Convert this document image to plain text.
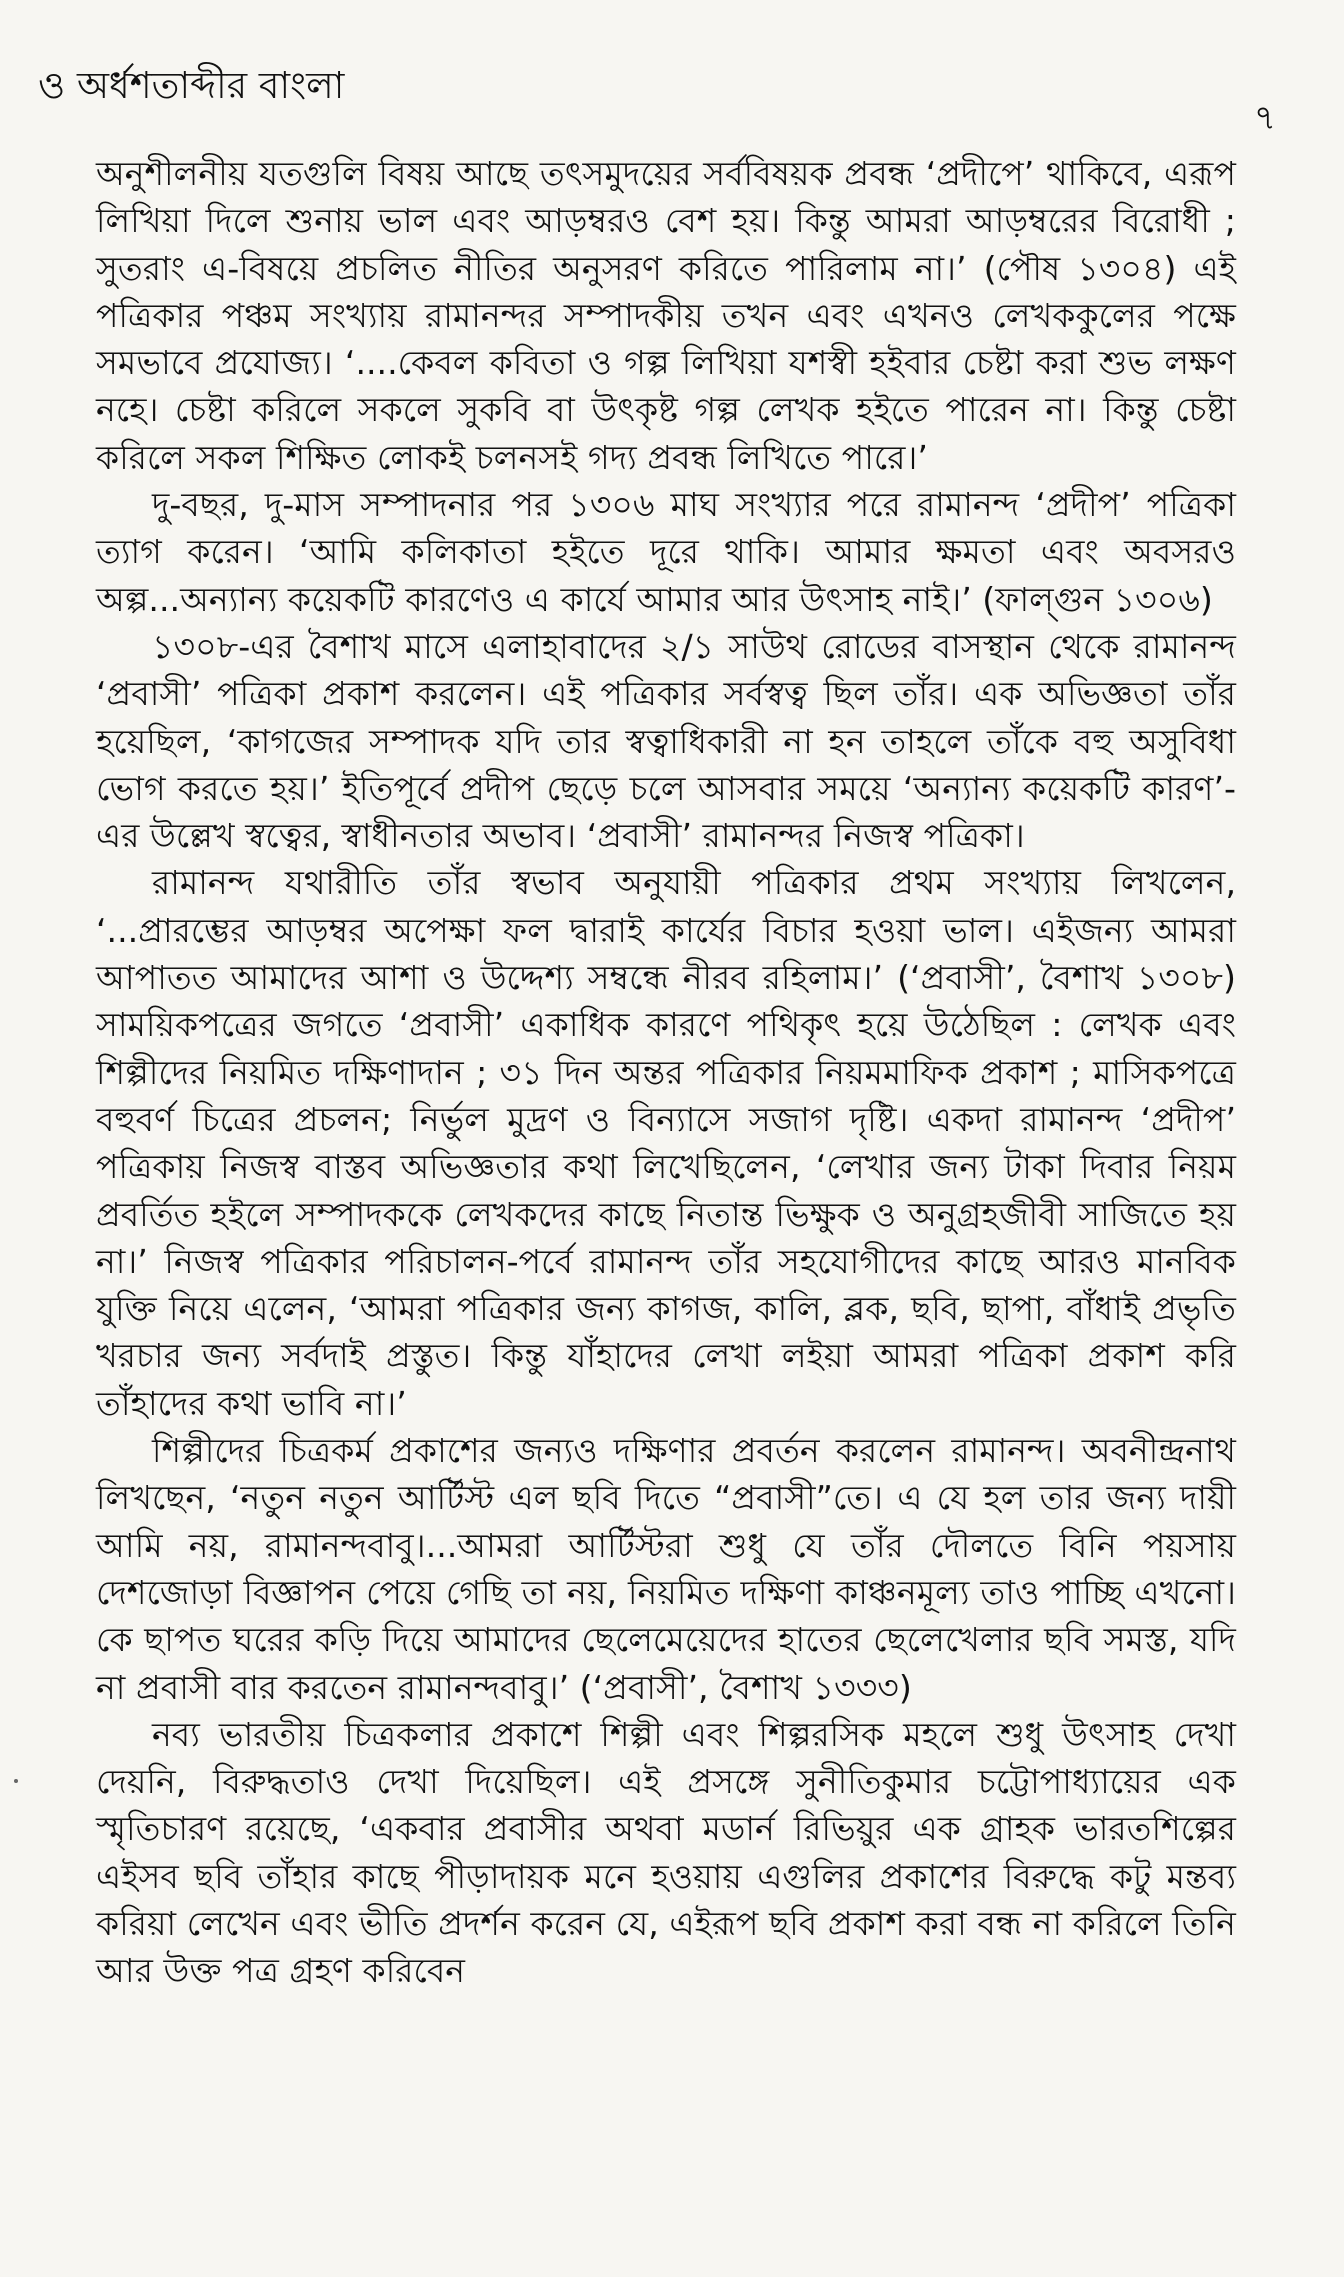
ও অর্ধশতাব্দীর বাংলা
৭

অনুশীলনীয় যতগুলি বিষয় আছে তৎসমুদয়ের সর্ববিষয়ক প্রবন্ধ ‘প্রদীপে’ থাকিবে, এরূপ লিখিয়া দিলে শুনায় ভাল এবং আড়ম্বরও বেশ হয়। কিন্তু আমরা আড়ম্বরের বিরোধী ; সুতরাং এ-বিষয়ে প্রচলিত নীতির অনুসরণ করিতে পারিলাম না।’ (পৌষ ১৩০৪) এই পত্রিকার পঞ্চম সংখ্যায় রামানন্দর সম্পাদকীয় তখন এবং এখনও লেখককুলের পক্ষে সমভাবে প্রযোজ্য। ‘....কেবল কবিতা ও গল্প লিখিয়া যশস্বী হইবার চেষ্টা করা শুভ লক্ষণ নহে। চেষ্টা করিলে সকলে সুকবি বা উৎকৃষ্ট গল্প লেখক হইতে পারেন না। কিন্তু চেষ্টা করিলে সকল শিক্ষিত লোকই চলনসই গদ্য প্রবন্ধ লিখিতে পারে।’

দু-বছর, দু-মাস সম্পাদনার পর ১৩০৬ মাঘ সংখ্যার পরে রামানন্দ ‘প্রদীপ’ পত্রিকা ত্যাগ করেন। ‘আমি কলিকাতা হইতে দূরে থাকি। আমার ক্ষমতা এবং অবসরও অল্প...অন্যান্য কয়েকটি কারণেও এ কার্যে আমার আর উৎসাহ নাই।’ (ফাল্গুন ১৩০৬)

১৩০৮-এর বৈশাখ মাসে এলাহাবাদের ২/১ সাউথ রোডের বাসস্থান থেকে রামানন্দ ‘প্রবাসী’ পত্রিকা প্রকাশ করলেন। এই পত্রিকার সর্বস্বত্ব ছিল তাঁর। এক অভিজ্ঞতা তাঁর হয়েছিল, ‘কাগজের সম্পাদক যদি তার স্বত্বাধিকারী না হন তাহলে তাঁকে বহু অসুবিধা ভোগ করতে হয়।’ ইতিপূর্বে প্রদীপ ছেড়ে চলে আসবার সময়ে ‘অন্যান্য কয়েকটি কারণ’-এর উল্লেখ স্বত্বের, স্বাধীনতার অভাব। ‘প্রবাসী’ রামানন্দর নিজস্ব পত্রিকা।

রামানন্দ যথারীতি তাঁর স্বভাব অনুযায়ী পত্রিকার প্রথম সংখ্যায় লিখলেন, ‘...প্রারম্ভের আড়ম্বর অপেক্ষা ফল দ্বারাই কার্যের বিচার হওয়া ভাল। এইজন্য আমরা আপাতত আমাদের আশা ও উদ্দেশ্য সম্বন্ধে নীরব রহিলাম।’ (‘প্রবাসী’, বৈশাখ ১৩০৮) সাময়িকপত্রের জগতে ‘প্রবাসী’ একাধিক কারণে পথিকৃৎ হয়ে উঠেছিল : লেখক এবং শিল্পীদের নিয়মিত দক্ষিণাদান ; ৩১ দিন অন্তর পত্রিকার নিয়মমাফিক প্রকাশ ; মাসিকপত্রে বহুবর্ণ চিত্রের প্রচলন; নির্ভুল মুদ্রণ ও বিন্যাসে সজাগ দৃষ্টি। একদা রামানন্দ ‘প্রদীপ’ পত্রিকায় নিজস্ব বাস্তব অভিজ্ঞতার কথা লিখেছিলেন, ‘লেখার জন্য টাকা দিবার নিয়ম প্রবর্তিত হইলে সম্পাদককে লেখকদের কাছে নিতান্ত ভিক্ষুক ও অনুগ্রহজীবী সাজিতে হয় না।’ নিজস্ব পত্রিকার পরিচালন-পর্বে রামানন্দ তাঁর সহযোগীদের কাছে আরও মানবিক যুক্তি নিয়ে এলেন, ‘আমরা পত্রিকার জন্য কাগজ, কালি, ব্লক, ছবি, ছাপা, বাঁধাই প্রভৃতি খরচার জন্য সর্বদাই প্রস্তুত। কিন্তু যাঁহাদের লেখা লইয়া আমরা পত্রিকা প্রকাশ করি তাঁহাদের কথা ভাবি না।’

শিল্পীদের চিত্রকর্ম প্রকাশের জন্যও দক্ষিণার প্রবর্তন করলেন রামানন্দ। অবনীন্দ্রনাথ লিখছেন, ‘নতুন নতুন আর্টিস্ট এল ছবি দিতে “প্রবাসী”তে। এ যে হল তার জন্য দায়ী আমি নয়, রামানন্দবাবু।...আমরা আর্টিস্টরা শুধু যে তাঁর দৌলতে বিনি পয়সায় দেশজোড়া বিজ্ঞাপন পেয়ে গেছি তা নয়, নিয়মিত দক্ষিণা কাঞ্চনমূল্য তাও পাচ্ছি এখনো। কে ছাপত ঘরের কড়ি দিয়ে আমাদের ছেলেমেয়েদের হাতের ছেলেখেলার ছবি সমস্ত, যদি না প্রবাসী বার করতেন রামানন্দবাবু।’ (‘প্রবাসী’, বৈশাখ ১৩৩৩)

নব্য ভারতীয় চিত্রকলার প্রকাশে শিল্পী এবং শিল্পরসিক মহলে শুধু উৎসাহ দেখা দেয়নি, বিরুদ্ধতাও দেখা দিয়েছিল। এই প্রসঙ্গে সুনীতিকুমার চট্টোপাধ্যায়ের এক স্মৃতিচারণ রয়েছে, ‘একবার প্রবাসীর অথবা মডার্ন রিভিয়ুর এক গ্রাহক ভারতশিল্পের এইসব ছবি তাঁহার কাছে পীড়াদায়ক মনে হওয়ায় এগুলির প্রকাশের বিরুদ্ধে কটু মন্তব্য করিয়া লেখেন এবং ভীতি প্রদর্শন করেন যে, এইরূপ ছবি প্রকাশ করা বন্ধ না করিলে তিনি আর উক্ত পত্র গ্রহণ করিবেন
